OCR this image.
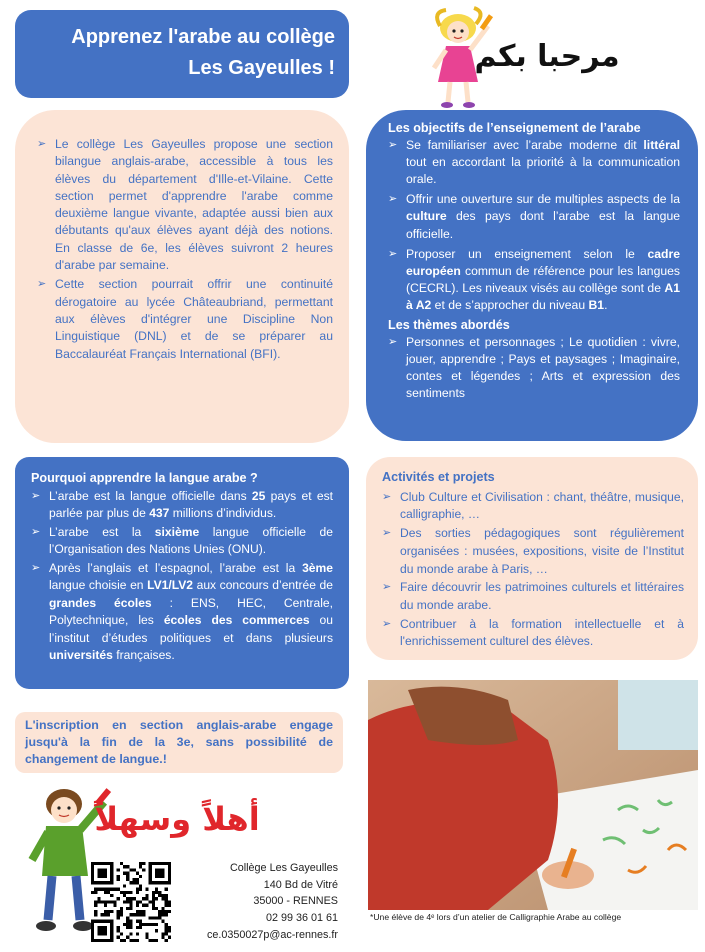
Apprenez l'arabe au collège
Les Gayeulles !	مرحبا بكم
➢ Le collège Les Gayeulles propose une section bilangue anglais-arabe, accessible à tous les élèves du département d'Ille-et-Vilaine. Cette section permet d'apprendre l'arabe comme deuxième langue vivante, adaptée aussi bien aux débutants qu'aux élèves ayant déjà des notions. En classe de 6e, les élèves suivront 2 heures d'arabe par semaine.
➢ Cette section pourrait offrir une continuité dérogatoire au lycée Châteaubriand, permettant aux élèves d'intégrer une Discipline Non Linguistique (DNL) et de se préparer au Baccalauréat Français International (BFI).
Les objectifs de l’enseignement de l’arabe
➢ Se familiariser avec l’arabe moderne dit littéral tout en accordant la priorité à la communication orale.
➢ Offrir une ouverture sur de multiples aspects de la culture des pays dont l’arabe est la langue officielle.
➢ Proposer un enseignement selon le cadre européen commun de référence pour les langues (CECRL). Les niveaux visés au collège sont de A1 à A2 et de s’approcher du niveau B1.
Les thèmes abordés
➢ Personnes et personnages ; Le quotidien : vivre, jouer, apprendre ; Pays et paysages ; Imaginaire, contes et légendes ; Arts et expression des sentiments
Pourquoi apprendre la langue arabe ?
➢ L’arabe est la langue officielle dans 25 pays et est parlée par plus de 437 millions d’individus.
➢ L’arabe est la sixième langue officielle de l’Organisation des Nations Unies (ONU).
➢ Après l’anglais et l’espagnol, l’arabe est la 3ème langue choisie en LV1/LV2 aux concours d’entrée de grandes écoles : ENS, HEC, Centrale, Polytechnique, les écoles des commerces ou l’institut d’études politiques et dans plusieurs universités françaises.
Activités et projets
➢ Club Culture et Civilisation : chant, théâtre, musique, calligraphie, …
➢ Des sorties pédagogiques sont régulièrement organisées : musées, expositions, visite de l’Institut du monde arabe à Paris, …
➢ Faire découvrir les patrimoines culturels et littéraires du monde arabe.
➢ Contribuer à la formation intellectuelle et à l'enrichissement culturel des élèves.
*Une élève de 4ᵉ lors d’un atelier de Calligraphie Arabe au collège
L'inscription en section anglais-arabe engage jusqu'à la fin de la 3e, sans possibilité de changement de langue.!
أهلاً وسهلاً
Collège Les Gayeulles
140 Bd de Vitré
35000 - RENNES
02 99 36 01 61
ce.0350027p@ac-rennes.fr
